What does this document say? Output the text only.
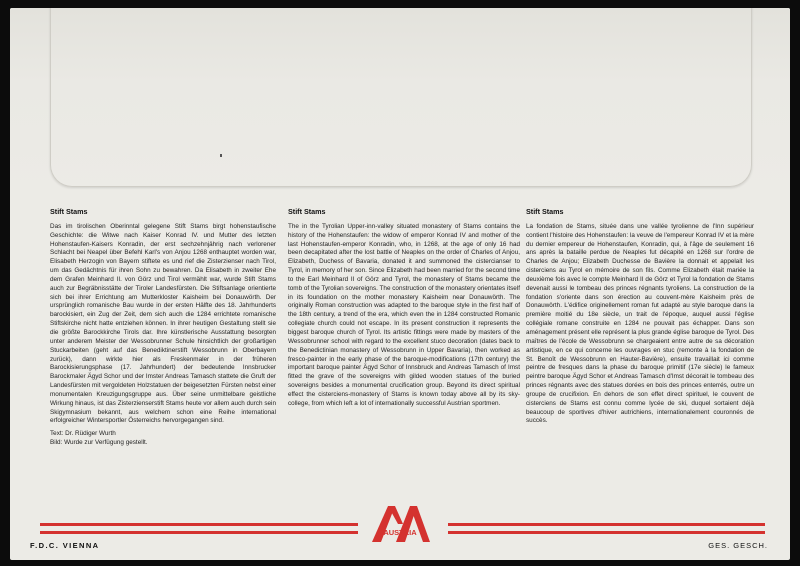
Stift Stams

Das im tirolischen Oberinntal gelegene Stift Stams birgt hohenstaufische Geschichte: die Witwe nach Kaiser Konrad IV. und Mutter des letzten Hohenstaufen-Kaisers Konradin, der erst sechzehnjährig nach verlorener Schlacht bei Neapel über Befehl Karl's von Anjou 1268 enthauptet worden war, Elisabeth Herzogin von Bayern stiftete es und rief die Zisterzienser nach Tirol, um das Gedächtnis für ihren Sohn zu bewahren. Da Elisabeth in zweiter Ehe dem Grafen Meinhard II. von Görz und Tirol vermählt war, wurde Stift Stams auch zur Begräbnisstätte der Tiroler Landesfürsten. Die Stiftsanlage orientierte sich bei ihrer Errichtung am Mutterkloster Kaisheim bei Donauwörth. Der ursprünglich romanische Bau wurde in der ersten Hälfte des 18. Jahrhunderts barockisiert, ein Zug der Zeit, dem sich auch die 1284 errichtete romanische Stiftskirche nicht hatte entziehen können. In ihrer heutigen Gestaltung stellt sie die größte Barockkirche Tirols dar. Ihre künstlerische Ausstattung besorgten unter anderem Meister der Wessobrunner Schule hinsichtlich der großartigen Stuckarbeiten (geht auf das Benediktinerstift Wessobrunn in Oberbayern zurück), dann wirkte hier als Freskenmaler in der früheren Barockisierungsphase (17. Jahrhundert) der bedeutende Innsbrucker Barockmaler Ägyd Schor und der Imster Andreas Tamasch stattete die Gruft der Landesfürsten mit vergoldeten Holzstatuen der beigesetzten Fürsten nebst einer monumentalen Kreuzigungsgruppe aus. Über seine unmittelbare geistliche Wirkung hinaus, ist das Zisterzienserstift Stams heute vor allem auch durch sein Skigymnasium bekannt, aus welchem schon eine Reihe international erfolgreicher Wintersportler Österreichs hervorgegangen sind.

Text: Dr. Rüdiger Wurth
Bild: Wurde zur Verfügung gestellt.
Stift Stams

The in the Tyrolian Upper-inn-valley situated monastery of Stams contains the history of the Hohenstaufen: the widow of emperor Konrad IV and mother of the last Hohenstaufen-emperor Konradin, who, in 1268, at the age of only 16 had been decapitated after the lost battle of Neaples on the order of Charles of Anjou, Elizabeth, Duchess of Bavaria, donated it and summoned the cistercianser to Tyrol, in memory of her son. Since Elizabeth had been married for the second time to the Earl Meinhard II of Görz and Tyrol, the monastery of Stams became the tomb of the Tyrolian sovereigns. The construction of the monastery orientates itself in its foundation on the mother monastery Kaisheim near Donauwörth. The originally Roman construction was adapted to the baroque style in the first half of the 18th century, a trend of the era, which even the in 1284 constructed Romanic collegiate church could not escape. In its present construction it represents the biggest baroque church of Tyrol. Its artistic fittings were made by masters of the Wessobrunner school with regard to the excellent stuco decoration (dates back to the Benedictinian monastery of Wessobrunn in Upper Bavaria), then worked as fresco-painter in the early phase of the baroque-modifications (17th century) the important baroque painter Ägyd Schor of Innsbruck and Andreas Tamasch of Imst fitted the grave of the sovereigns with gilded wooden statues of the buried sovereigns besides a monumental crucification group. Beyond its direct spiritual effect the cisterciens-monastery of Stams is known today above all by its sky-college, from which left a lot of internationally successful Austrian sportmen.

Stift Stams

La fondation de Stams, située dans une vallée tyrolienne de l'Inn supérieur contient l'histoire des Hohenstaufen: la veuve de l'empereur Konrad IV et la mère du dernier empereur de Hohenstaufen, Konradin, qui, à l'âge de seulement 16 ans après la bataille perdue de Neaples fut décapité en 1268 sur l'ordre de Charles de Anjou; Elizabeth Duchesse de Bavière la donnait et appelait les cisterciens au Tyrol en mémoire de son fils. Comme Elizabeth était mariée la deuxième fois avec le compte Meinhard II de Görz et Tyrol la fondation de Stams devenait aussi le tombeau des princes régnants tyroliens. La construction de la fondation s'oriente dans son érection au couvent-mère Kaisheim près de Donauwörth. L'édifice originellement roman fut adapté au style baroque dans la première moitié du 18e siècle, un trait de l'époque, auquel aussi l'église collégiale romane construite en 1284 ne pouvait pas échapper. Dans son aménagement présent elle représent la plus grande église baroque de Tyrol. Des maîtres de l'école de Wessobrunn se chargeaient entre autre de sa décoration artistique, en ce qui concerne les ouvrages en stuc (remonte à la fondation de St. Benoît de Wessobrunn en Hauter-Bavière), ensuite travaillait ici comme peintre de fresques dans la phase du baroque primitif (17e siècle) le fameux peintre baroque Ägyd Schor et Andreas Tamasch d'Imst décorait le tombeau des princes régnants avec des statues dorées en bois des princes enterrés, outre un groupe de crucifixion. En dehors de son effet direct spirituel, le couvent de cisterciens de Stams est connu comme lycée de ski, duquel sortaient déjà beaucoup de sportives d'hiver autrichiens, internationalement couronnés de succès.

AUSTRIA
F.D.C. VIENNA	GES. GESCH.
